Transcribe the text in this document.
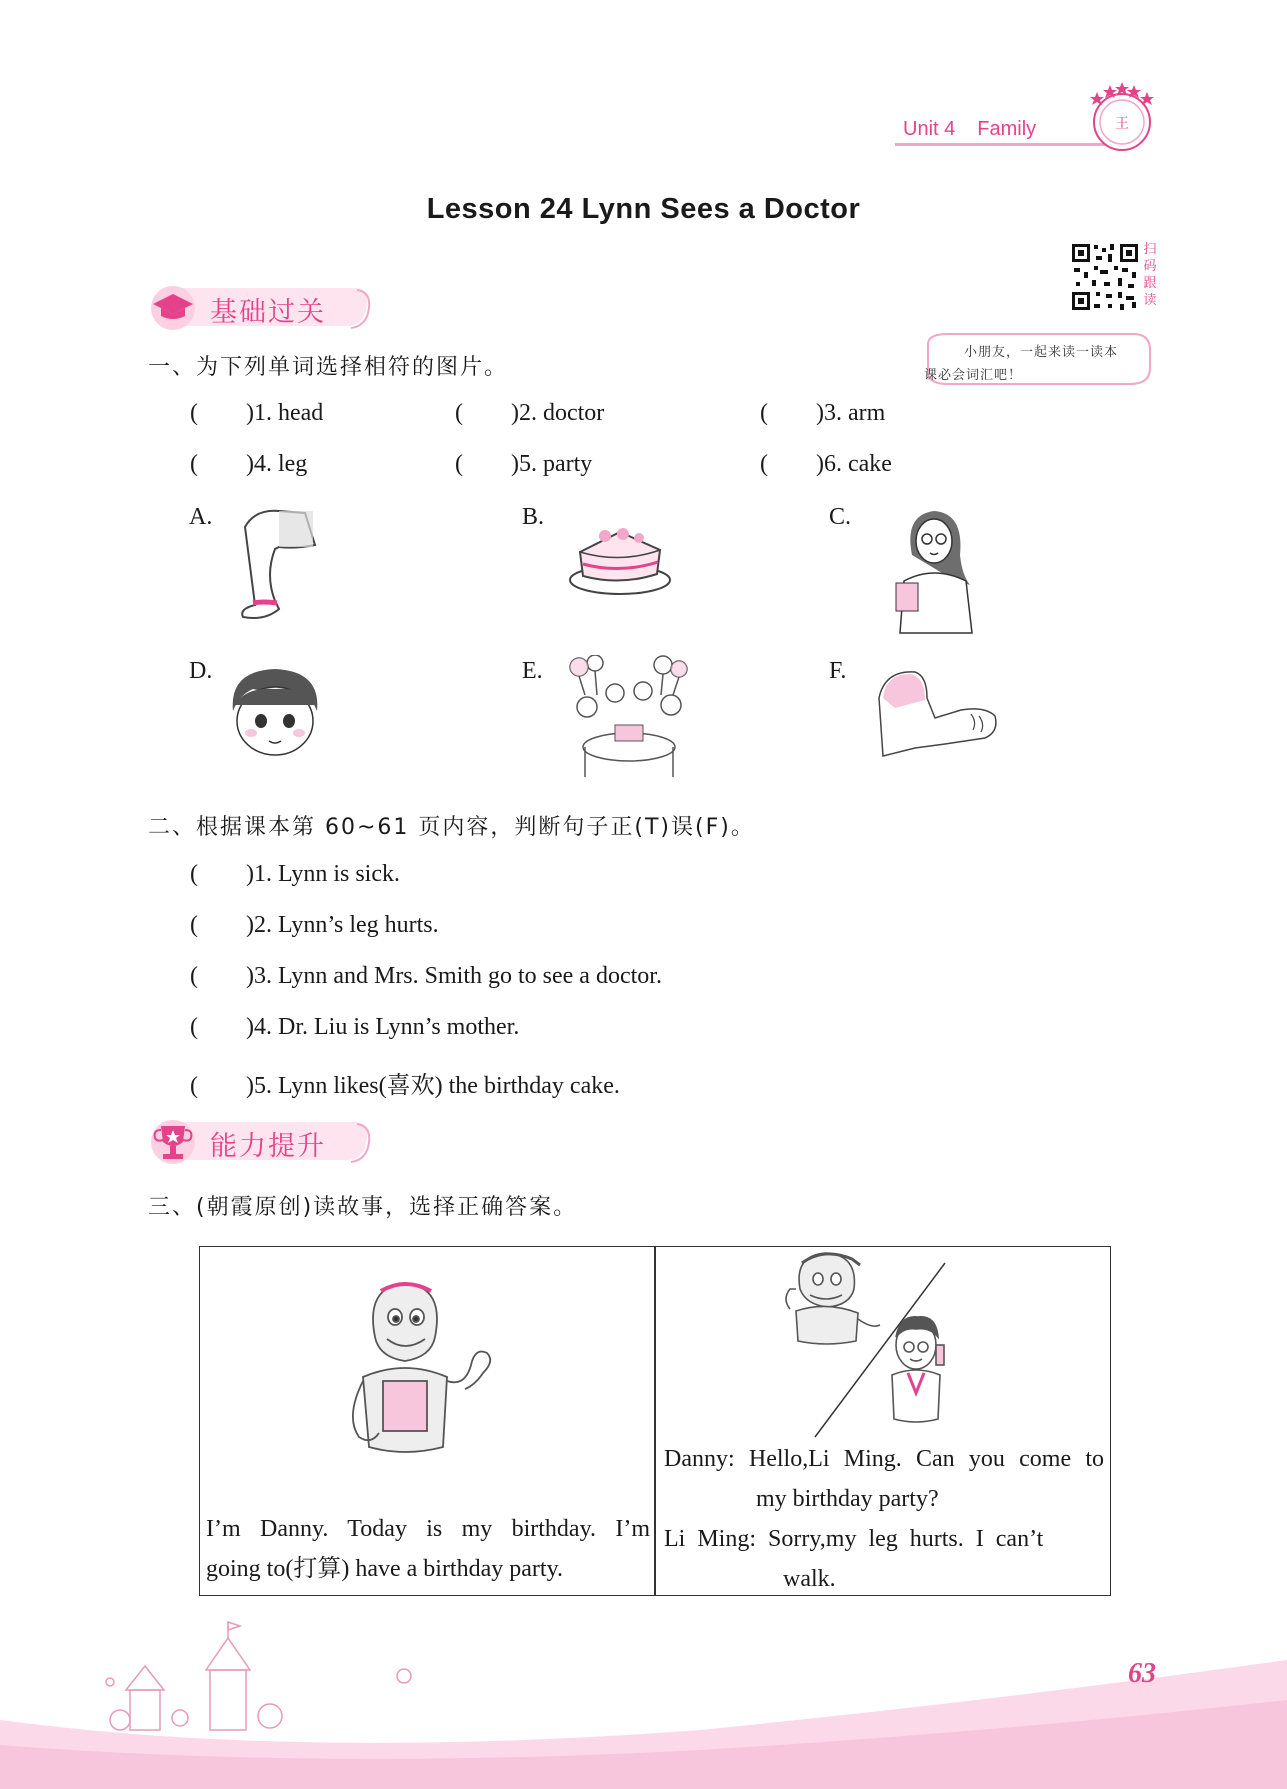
Unit 4 Family	王
Lesson 24 Lynn Sees a Doctor
扫
码
跟
读
小朋友，一起来读一读本
课必会词汇吧！
基础过关
一、为下列单词选择相符的图片。
(        )1. head	(        )2. doctor	(        )3. arm
(        )4. leg	(        )5. party	(        )6. cake
A.	B.	C.
D.	E.	F.
二、根据课本第 60~61 页内容，判断句子正(T)误(F)。
(        )1. Lynn is sick.
(        )2. Lynn’s leg hurts.
(        )3. Lynn and Mrs. Smith go to see a doctor.
(        )4. Dr. Liu is Lynn’s mother.
(        )5. Lynn likes(喜欢) the birthday cake.
能力提升
三、(朝霞原创)读故事，选择正确答案。
I’m Danny. Today is my birthday. I’m
going to(打算) have a birthday party.
Danny: Hello,Li Ming. Can you come to
my birthday party?
Li  Ming:  Sorry,my  leg  hurts.  I  can’t
walk.
63
